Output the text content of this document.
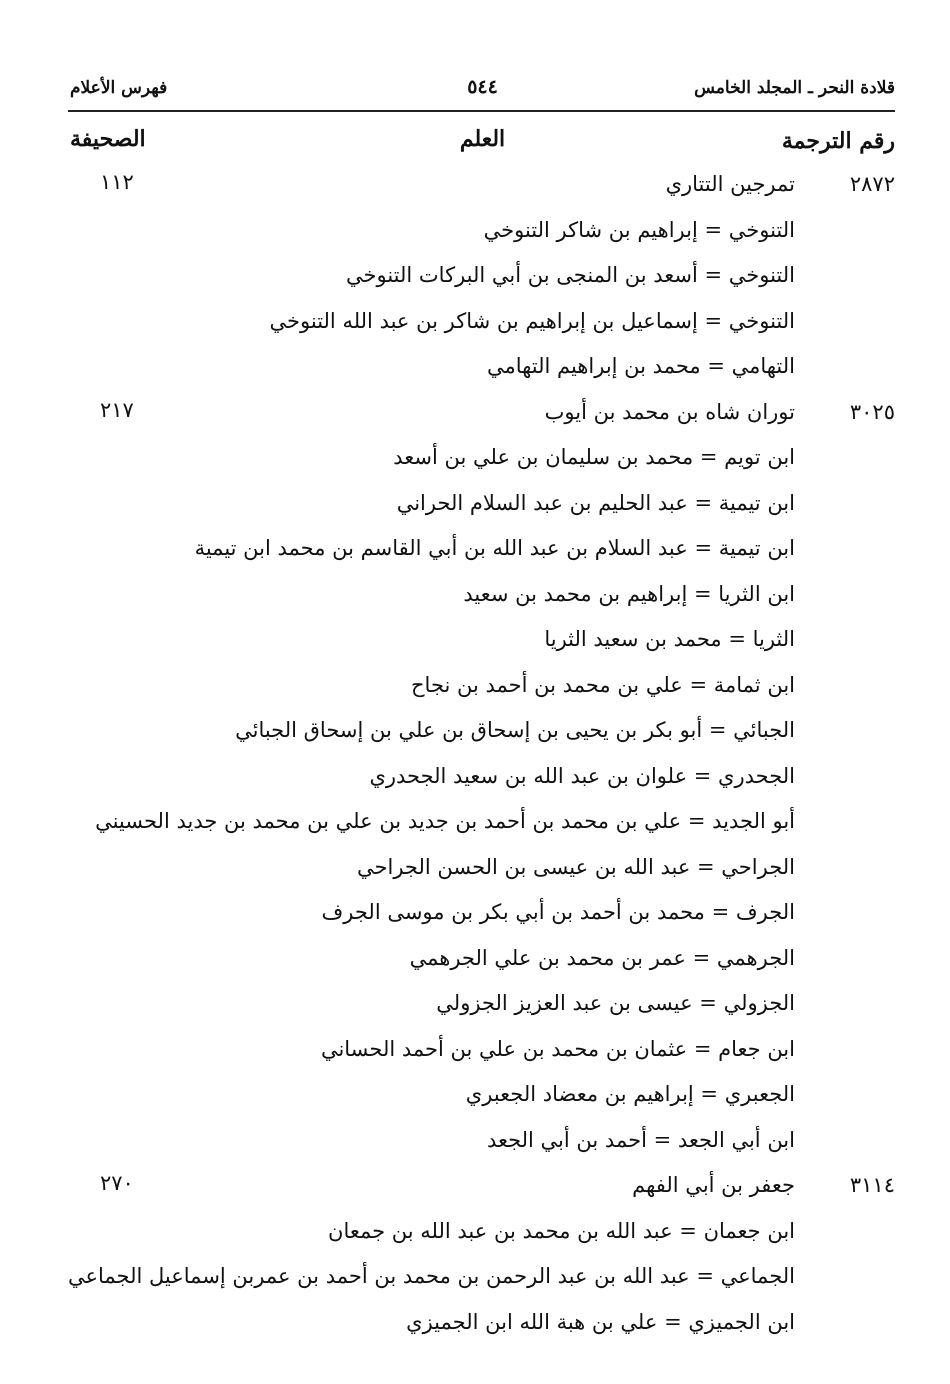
قلادة النحر ـ المجلد الخامس
٥٤٤
فهرس الأعلام
رقم الترجمة
العلم
الصحيفة
٢٨٧٢
تمرجين التتاري
١١٢
التنوخي = إبراهيم بن شاكر التنوخي
التنوخي = أسعد بن المنجى بن أبي البركات التنوخي
التنوخي = إسماعيل بن إبراهيم بن شاكر بن عبد الله التنوخي
التهامي = محمد بن إبراهيم التهامي
٣٠٢٥
توران شاه بن محمد بن أيوب
٢١٧
ابن تويم = محمد بن سليمان بن علي بن أسعد
ابن تيمية = عبد الحليم بن عبد السلام الحراني
ابن تيمية = عبد السلام بن عبد الله بن أبي القاسم بن محمد ابن تيمية
ابن الثريا = إبراهيم بن محمد بن سعيد
الثريا = محمد بن سعيد الثريا
ابن ثمامة = علي بن محمد بن أحمد بن نجاح
الجبائي = أبو بكر بن يحيى بن إسحاق بن علي بن إسحاق الجبائي
الجحدري = علوان بن عبد الله بن سعيد الجحدري
أبو الجديد = علي بن محمد بن أحمد بن جديد بن علي بن محمد بن جديد الحسيني
الجراحي = عبد الله بن عيسى بن الحسن الجراحي
الجرف = محمد بن أحمد بن أبي بكر بن موسى الجرف
الجرهمي = عمر بن محمد بن علي الجرهمي
الجزولي = عيسى بن عبد العزيز الجزولي
ابن جعام = عثمان بن محمد بن علي بن أحمد الحساني
الجعبري = إبراهيم بن معضاد الجعبري
ابن أبي الجعد = أحمد بن أبي الجعد
٣١١٤
جعفر بن أبي الفهم
٢٧٠
ابن جعمان = عبد الله بن محمد بن عبد الله بن جمعان
الجماعي = عبد الله بن عبد الرحمن بن محمد بن أحمد بن عمربن إسماعيل الجماعي
ابن الجميزي = علي بن هبة الله ابن الجميزي
